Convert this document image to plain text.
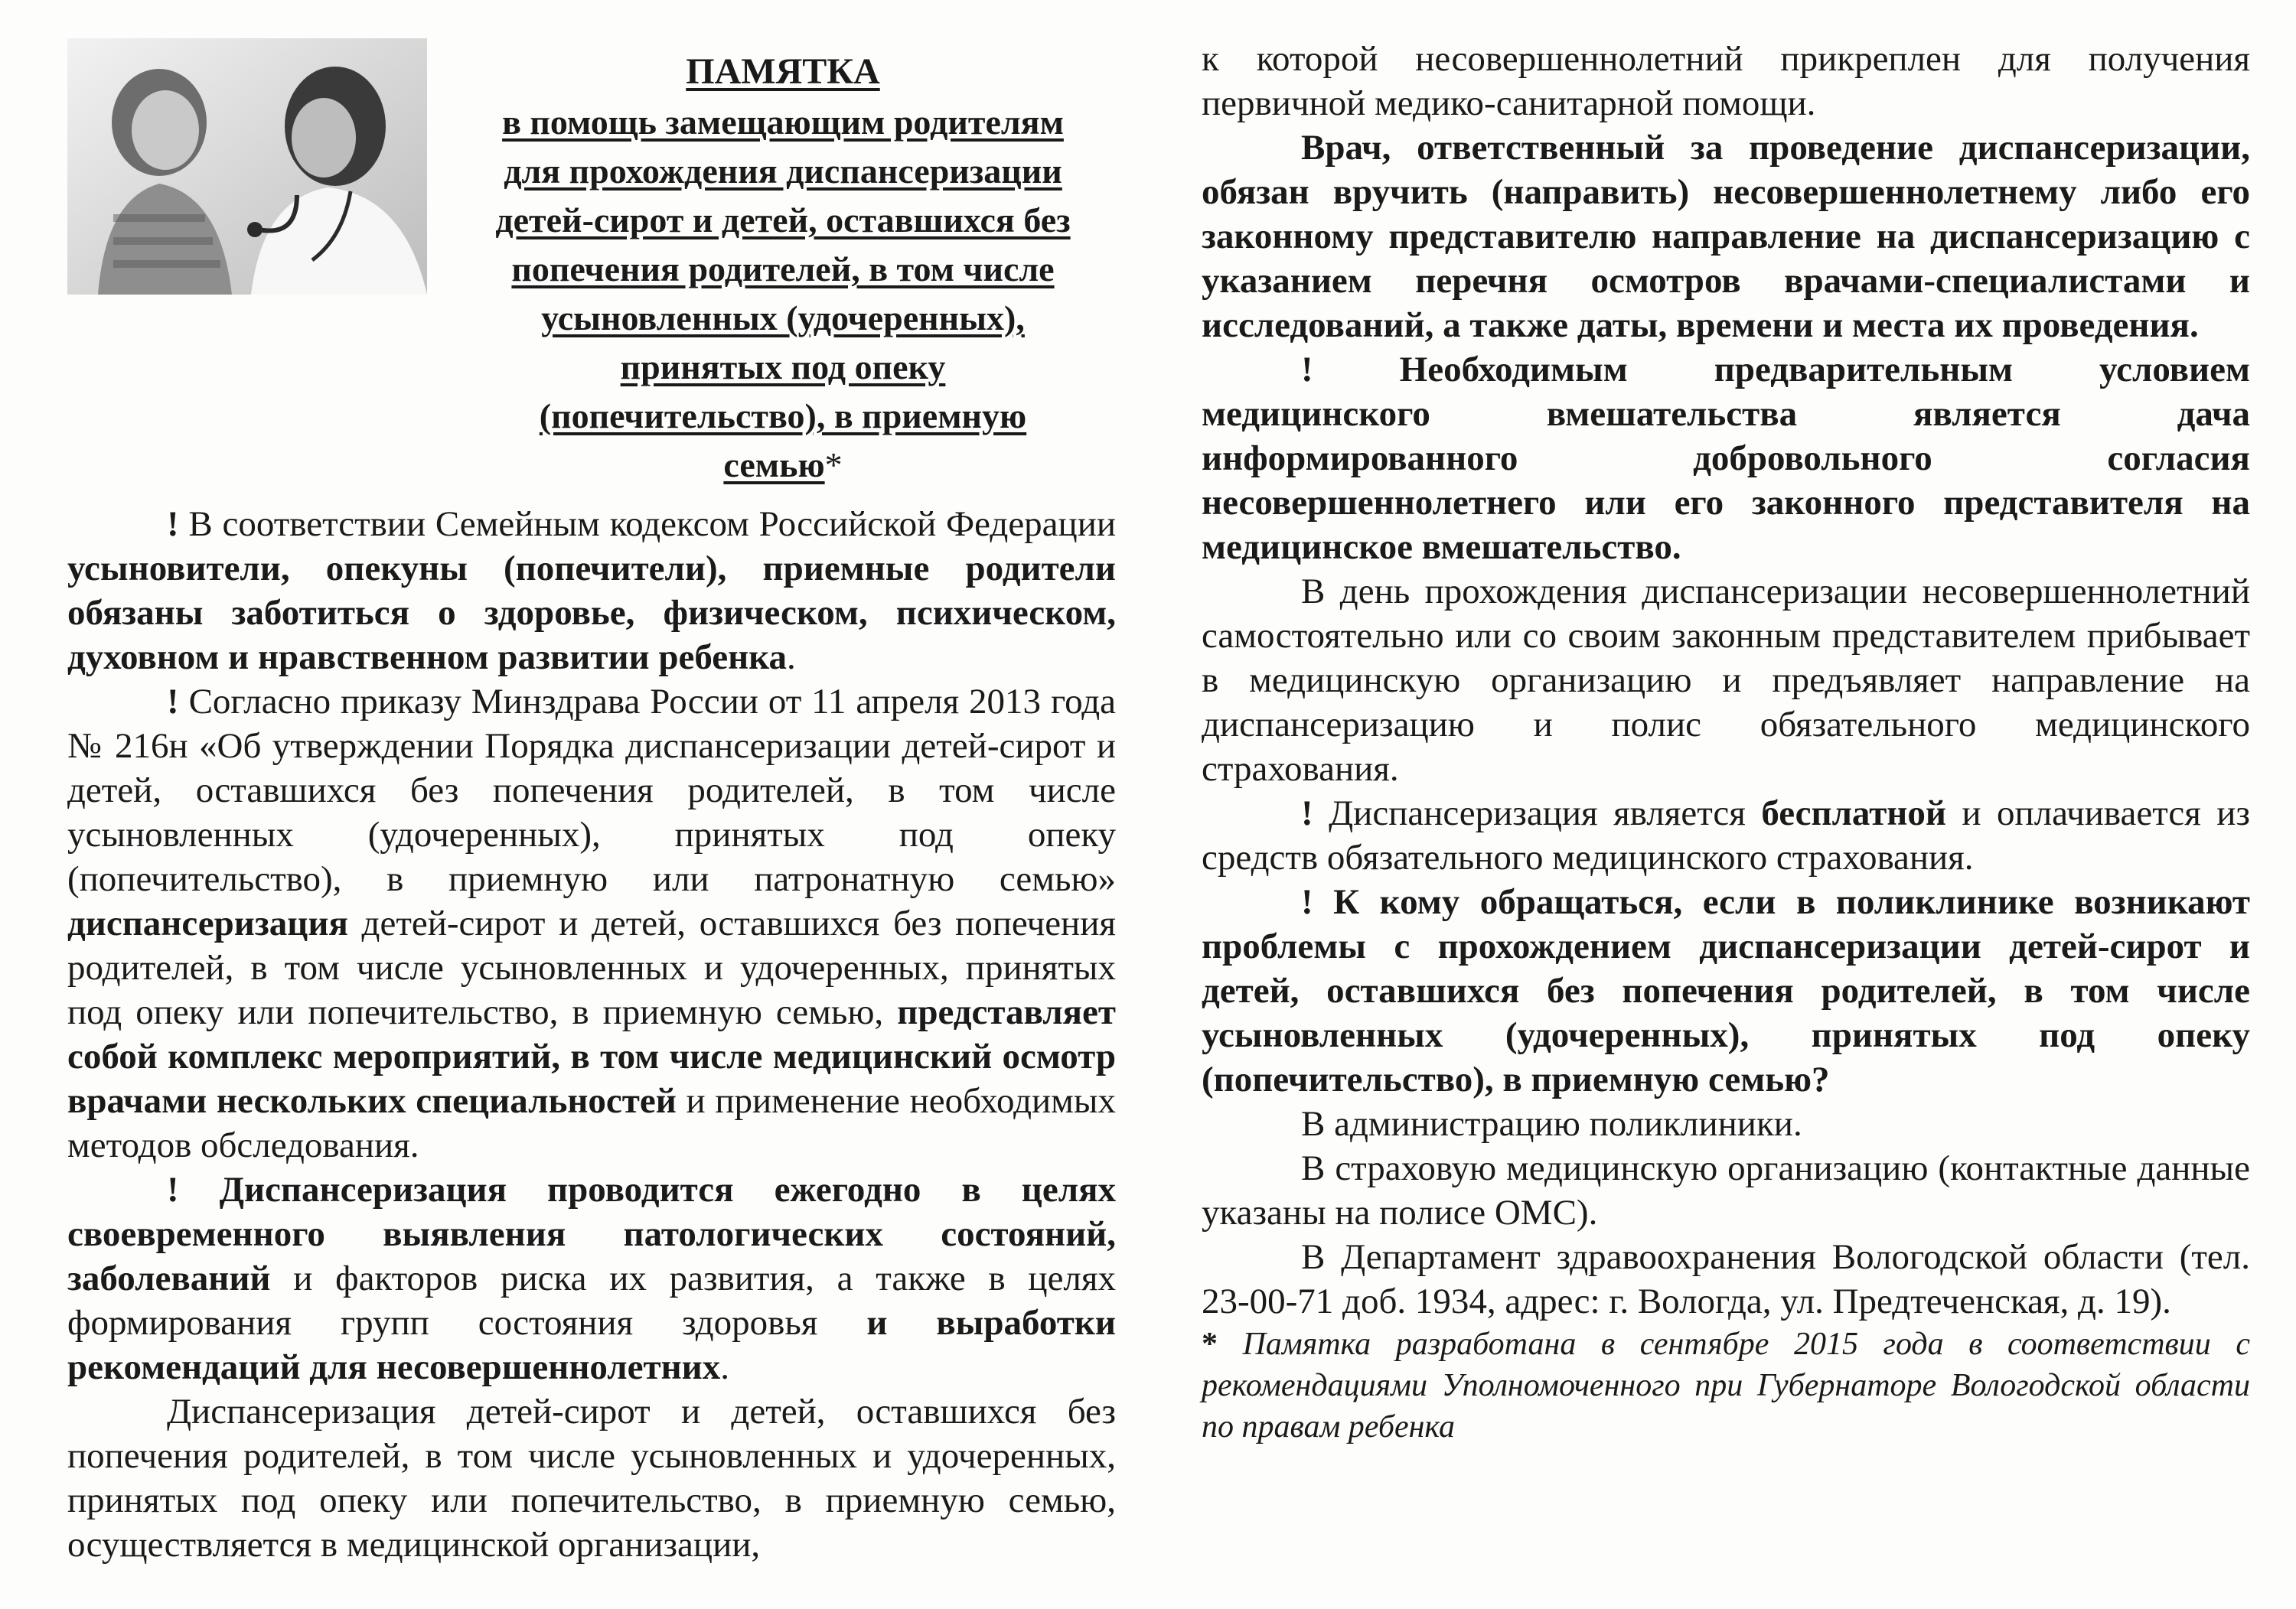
ПАМЯТКА
в помощь замещающим родителям
для прохождения диспансеризации
детей-сирот и детей, оставшихся без
попечения родителей, в том числе
усыновленных (удочеренных),
принятых под опеку
(попечительство), в приемную
семью*

! В соответствии Семейным кодексом Российской Федерации усыновители, опекуны (попечители), приемные родители обязаны заботиться о здоровье, физическом, психическом, духовном и нравственном развитии ребенка.

! Согласно приказу Минздрава России от 11 апреля 2013 года № 216н «Об утверждении Порядка диспансеризации детей-сирот и детей, оставшихся без попечения родителей, в том числе усыновленных (удочеренных), принятых под опеку (попечительство), в приемную или патронатную семью» диспансеризация детей-сирот и детей, оставшихся без попечения родителей, в том числе усыновленных и удочеренных, принятых под опеку или попечительство, в приемную семью, представляет собой комплекс мероприятий, в том числе медицинский осмотр врачами нескольких специальностей и применение необходимых методов обследования.

! Диспансеризация проводится ежегодно в целях своевременного выявления патологических состояний, заболеваний и факторов риска их развития, а также в целях формирования групп состояния здоровья и выработки рекомендаций для несовершеннолетних.

Диспансеризация детей-сирот и детей, оставшихся без попечения родителей, в том числе усыновленных и удочеренных, принятых под опеку или попечительство, в приемную семью, осуществляется в медицинской организации,

к которой несовершеннолетний прикреплен для получения первичной медико-санитарной помощи.

Врач, ответственный за проведение диспансеризации, обязан вручить (направить) несовершеннолетнему либо его законному представителю направление на диспансеризацию с указанием перечня осмотров врачами-специалистами и исследований, а также даты, времени и места их проведения.

! Необходимым предварительным условием медицинского вмешательства является дача информированного добровольного согласия несовершеннолетнего или его законного представителя на медицинское вмешательство.

В день прохождения диспансеризации несовершеннолетний самостоятельно или со своим законным представителем прибывает в медицинскую организацию и предъявляет направление на диспансеризацию и полис обязательного медицинского страхования.

! Диспансеризация является бесплатной и оплачивается из средств обязательного медицинского страхования.

! К кому обращаться, если в поликлинике возникают проблемы с прохождением диспансеризации детей-сирот и детей, оставшихся без попечения родителей, в том числе усыновленных (удочеренных), принятых под опеку (попечительство), в приемную семью?

В администрацию поликлиники.

В страховую медицинскую организацию (контактные данные указаны на полисе ОМС).

В Департамент здравоохранения Вологодской области (тел. 23-00-71 доб. 1934, адрес: г. Вологда, ул. Предтеченская, д. 19).

* Памятка разработана в сентябре 2015 года в соответствии с рекомендациями Уполномоченного при Губернаторе Вологодской области по правам ребенка
